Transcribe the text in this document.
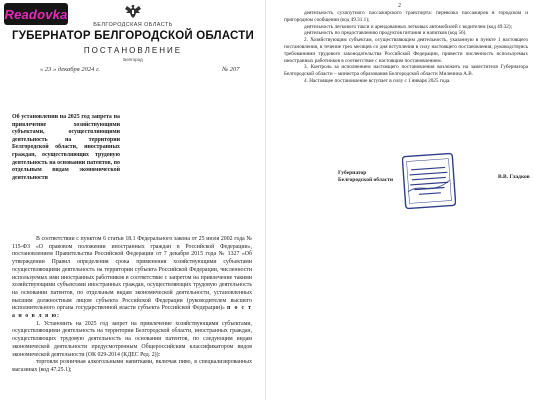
Readovka
БЕЛГОРОДСКАЯ ОБЛАСТЬ
ГУБЕРНАТОР БЕЛГОРОДСКОЙ ОБЛАСТИ
ПОСТАНОВЛЕНИЕ
Белгород
« 23 » декабря 2024 г.	№ 207
Об установлении на 2025 год запрета на привлечение хозяйствующими субъектами, осуществляющими деятельность на территории Белгородской области, иностранных граждан, осуществляющих трудовую деятельность на основании патентов, по отдельным видам экономической деятельности

В соответствии с пунктом 6 статьи 18.1 Федерального закона от 25 июля 2002 года № 115-ФЗ «О правовом положении иностранных граждан в Российской Федерации», постановлением Правительства Российской Федерации от 7 декабря 2015 года № 1327 «Об утверждении Правил определения срока применения хозяйствующими субъектами осуществляющими деятельность на территории субъекта Российской Федерации, численности используемых ими иностранных работников в соответствие с запретом на привлечение такими хозяйствующими субъектами иностранных граждан, осуществляющих трудовую деятельность на основании патентов, по отдельным видам экономической деятельности, установленных высшим должностным лицом субъекта Российской Федерации (руководителем высшего исполнительного органа государственной власти субъекта Российской Федерации)» п о с т а н о в л я ю:

1. Установить на 2025 год запрет на привлечение хозяйствующими субъектами, осуществляющими деятельность на территории Белгородской области, иностранных граждан, осуществляющих трудовую деятельность на основании патентов, по следующим видам экономической деятельности предусмотренным Общероссийским классификатором видов экономической деятельности (ОК 029-2014 (КДЕС Ред. 2)):

торговля розничная алкогольными напитками, включая пиво, в специализированных магазинах (код 47.25.1);

2

деятельность сухопутного пассажирского транспорта: перевозка пассажиров в городском и пригородном сообщении (код 49.31.1);

деятельность легкового такси и арендованных легковых автомобилей с водителем (код 49.32);

деятельность по предоставлению продуктов питания и напитков (код 56).

2. Хозяйствующим субъектам, осуществляющим деятельность, указанную в пункте 1 настоящего постановления, в течение трех месяцев со дня вступления в силу настоящего постановления, руководствуясь требованиями трудового законодательства Российской Федерации, привести численность используемых иностранных работников в соответствие с настоящим постановлением.

3. Контроль за исполнением настоящего постановления возложить на заместителя Губернатора Белгородской области – министра образования Белгородской области Миленина А.В.

4. Настоящее постановление вступает в силу с 1 января 2025 года.

Губернатор
Белгородской области
В.В. Гладков
